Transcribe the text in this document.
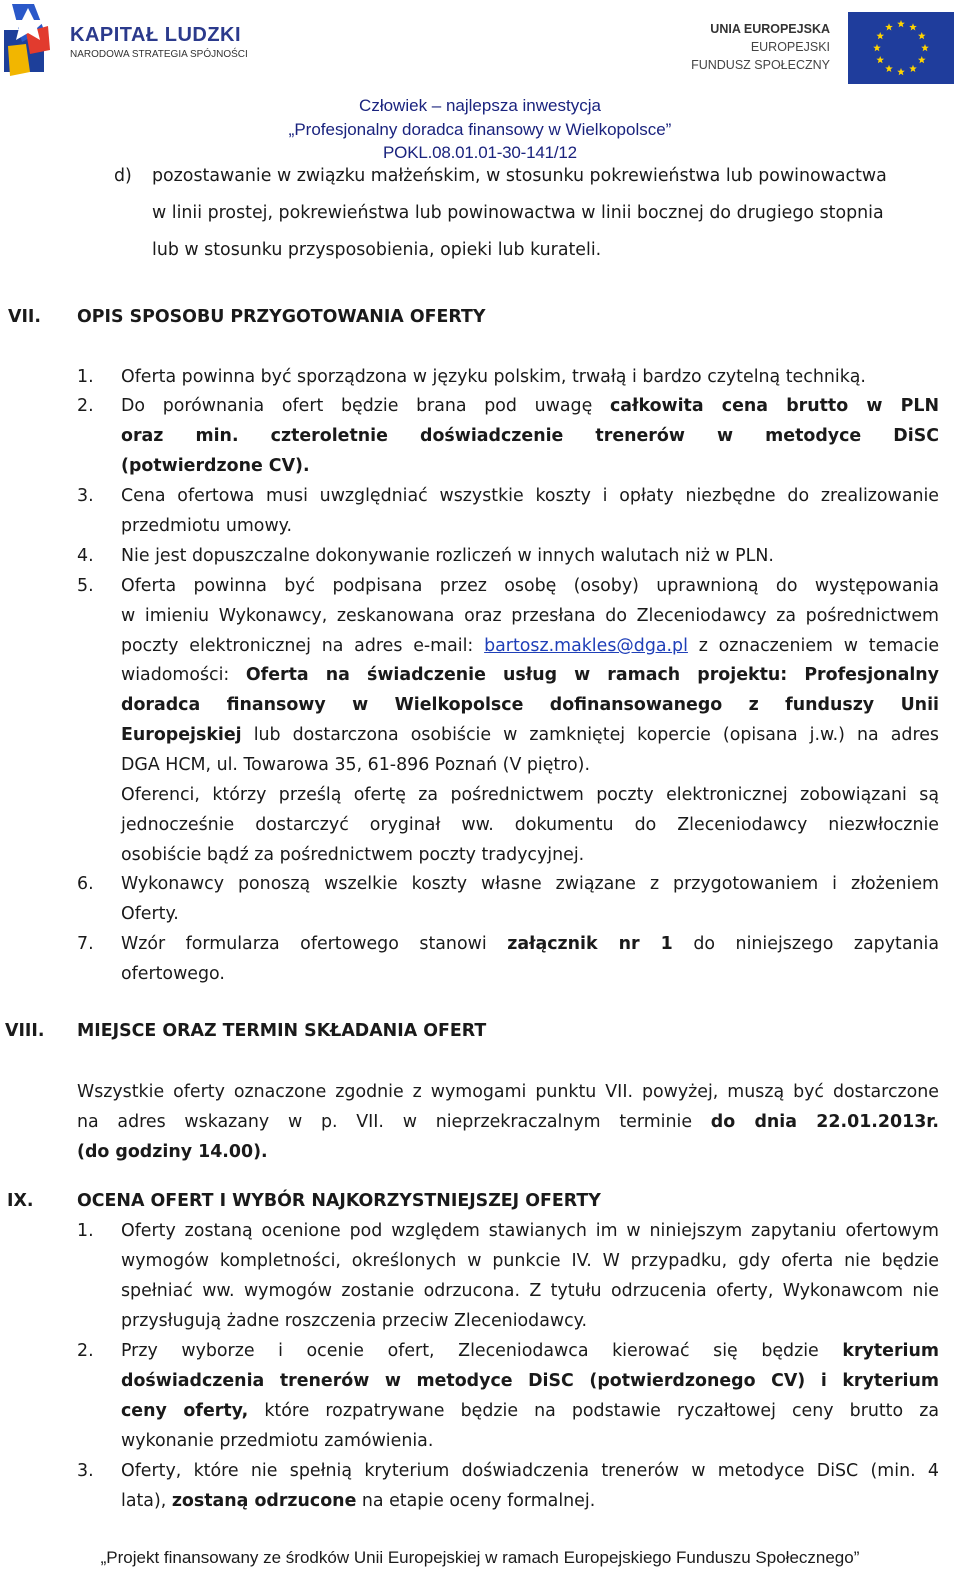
KAPITAŁ LUDZKI
NARODOWA STRATEGIA SPÓJNOŚCI
UNIA EUROPEJSKA
EUROPEJSKI
FUNDUSZ SPOŁECZNY
Człowiek – najlepsza inwestycja
„Profesjonalny doradca finansowy w Wielkopolsce”
POKL.08.01.01-30-141/12
d) pozostawanie w związku małżeńskim, w stosunku pokrewieństwa lub powinowactwa
w linii prostej, pokrewieństwa lub powinowactwa w linii bocznej do drugiego stopnia
lub w stosunku przysposobienia, opieki lub kurateli.
VII. OPIS SPOSOBU PRZYGOTOWANIA OFERTY
1. Oferta powinna być sporządzona w języku polskim, trwałą i bardzo czytelną techniką.
2. Do porównania ofert będzie brana pod uwagę całkowita cena brutto w PLN
oraz min. czteroletnie doświadczenie trenerów w metodyce DiSC
(potwierdzone CV).
3. Cena ofertowa musi uwzględniać wszystkie koszty i opłaty niezbędne do zrealizowanie
przedmiotu umowy.
4. Nie jest dopuszczalne dokonywanie rozliczeń w innych walutach niż w PLN.
5. Oferta powinna być podpisana przez osobę (osoby) uprawnioną do występowania
w imieniu Wykonawcy, zeskanowana oraz przesłana do Zleceniodawcy za pośrednictwem
poczty elektronicznej na adres e-mail: bartosz.makles@dga.pl z oznaczeniem w temacie
wiadomości: Oferta na świadczenie usług w ramach projektu: Profesjonalny
doradca finansowy w Wielkopolsce dofinansowanego z funduszy Unii
Europejskiej lub dostarczona osobiście w zamkniętej kopercie (opisana j.w.) na adres
DGA HCM, ul. Towarowa 35, 61-896 Poznań (V piętro).
Oferenci, którzy prześlą ofertę za pośrednictwem poczty elektronicznej zobowiązani są
jednocześnie dostarczyć oryginał ww. dokumentu do Zleceniodawcy niezwłocznie
osobiście bądź za pośrednictwem poczty tradycyjnej.
6. Wykonawcy ponoszą wszelkie koszty własne związane z przygotowaniem i złożeniem
Oferty.
7. Wzór formularza ofertowego stanowi załącznik nr 1 do niniejszego zapytania
ofertowego.
VIII. MIEJSCE ORAZ TERMIN SKŁADANIA OFERT
Wszystkie oferty oznaczone zgodnie z wymogami punktu VII. powyżej, muszą być dostarczone
na adres wskazany w p. VII. w nieprzekraczalnym terminie do dnia 22.01.2013r.
(do godziny 14.00).
IX.	OCENA OFERT I WYBÓR NAJKORZYSTNIEJSZEJ OFERTY
1. Oferty zostaną ocenione pod względem stawianych im w niniejszym zapytaniu ofertowym
wymogów kompletności, określonych w punkcie IV. W przypadku, gdy oferta nie będzie
spełniać ww. wymogów zostanie odrzucona. Z tytułu odrzucenia oferty, Wykonawcom nie
przysługują żadne roszczenia przeciw Zleceniodawcy.
2. Przy wyborze i ocenie ofert, Zleceniodawca kierować się będzie kryterium
doświadczenia trenerów w metodyce DiSC (potwierdzonego CV) i kryterium
ceny oferty, które rozpatrywane będzie na podstawie ryczałtowej ceny brutto za
wykonanie przedmiotu zamówienia.
3. Oferty, które nie spełnią kryterium doświadczenia trenerów w metodyce DiSC (min. 4
lata), zostaną odrzucone na etapie oceny formalnej.
„Projekt finansowany ze środków Unii Europejskiej w ramach Europejskiego Funduszu Społecznego”
